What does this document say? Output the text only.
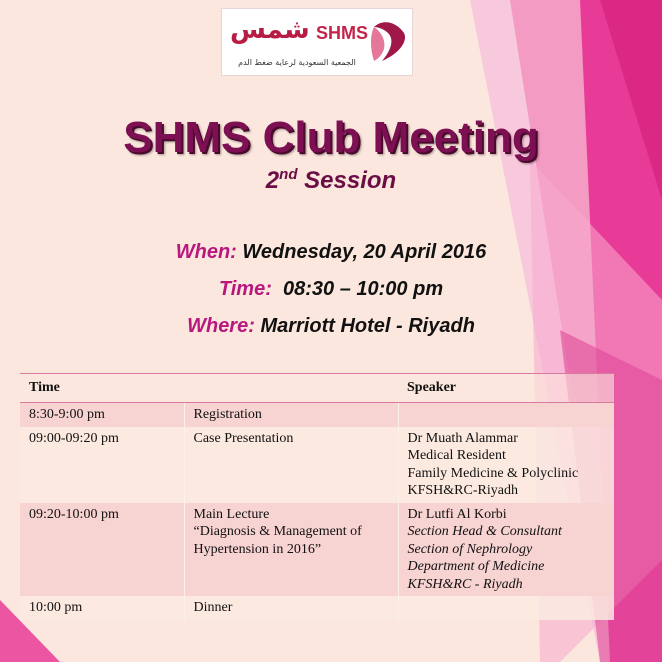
شمس SHMS
الجمعية السعودية لرعاية ضغط الدم
SHMS Club Meeting
2nd Session
When: Wednesday, 20 April 2016
Time: 08:30 – 10:00 pm
Where: Marriott Hotel - Riyadh
Time		Speaker
8:30-9:00 pm	Registration	

09:00-09:20 pm	Case Presentation	Dr Muath Alammar
Medical Resident
Family Medicine & Polyclinic
KFSH&RC-Riyadh

09:20-10:00 pm	Main Lecture
“Diagnosis & Management of
Hypertension in 2016”	Dr Lutfi Al Korbi
Section Head & Consultant
Section of Nephrology
Department of Medicine
KFSH&RC - Riyadh

10:00 pm	Dinner	
